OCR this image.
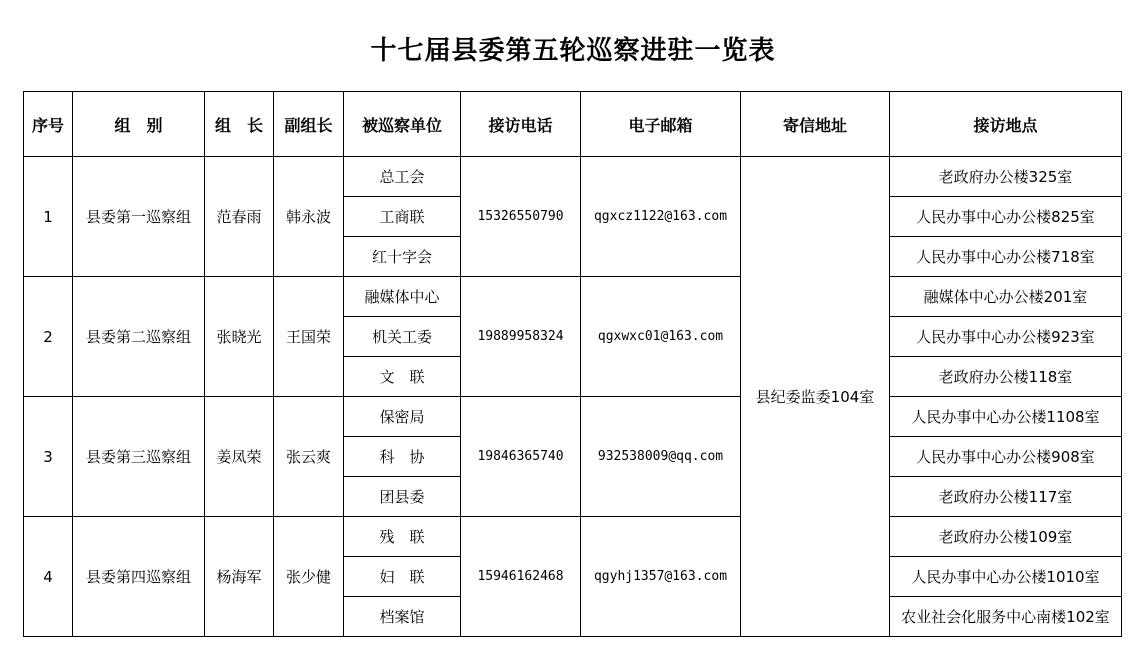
十七届县委第五轮巡察进驻一览表
序号	组　别	组　长	副组长	被巡察单位	接访电话	电子邮箱	寄信地址	接访地点
1	县委第一巡察组	范春雨	韩永波	总工会	15326550790	qgxcz1122@163.com	县纪委监委104室	老政府办公楼325室
				工商联				人民办事中心办公楼825室
				红十字会				人民办事中心办公楼718室
2	县委第二巡察组	张晓光	王国荣	融媒体中心	19889958324	qgxwxc01@163.com		融媒体中心办公楼201室
				机关工委				人民办事中心办公楼923室
				文　联				老政府办公楼118室
3	县委第三巡察组	姜凤荣	张云爽	保密局	19846365740	932538009@qq.com		人民办事中心办公楼1108室
				科　协				人民办事中心办公楼908室
				团县委				老政府办公楼117室
4	县委第四巡察组	杨海军	张少健	残　联	15946162468	qgyhj1357@163.com		老政府办公楼109室
				妇　联				人民办事中心办公楼1010室
				档案馆				农业社会化服务中心南楼102室
